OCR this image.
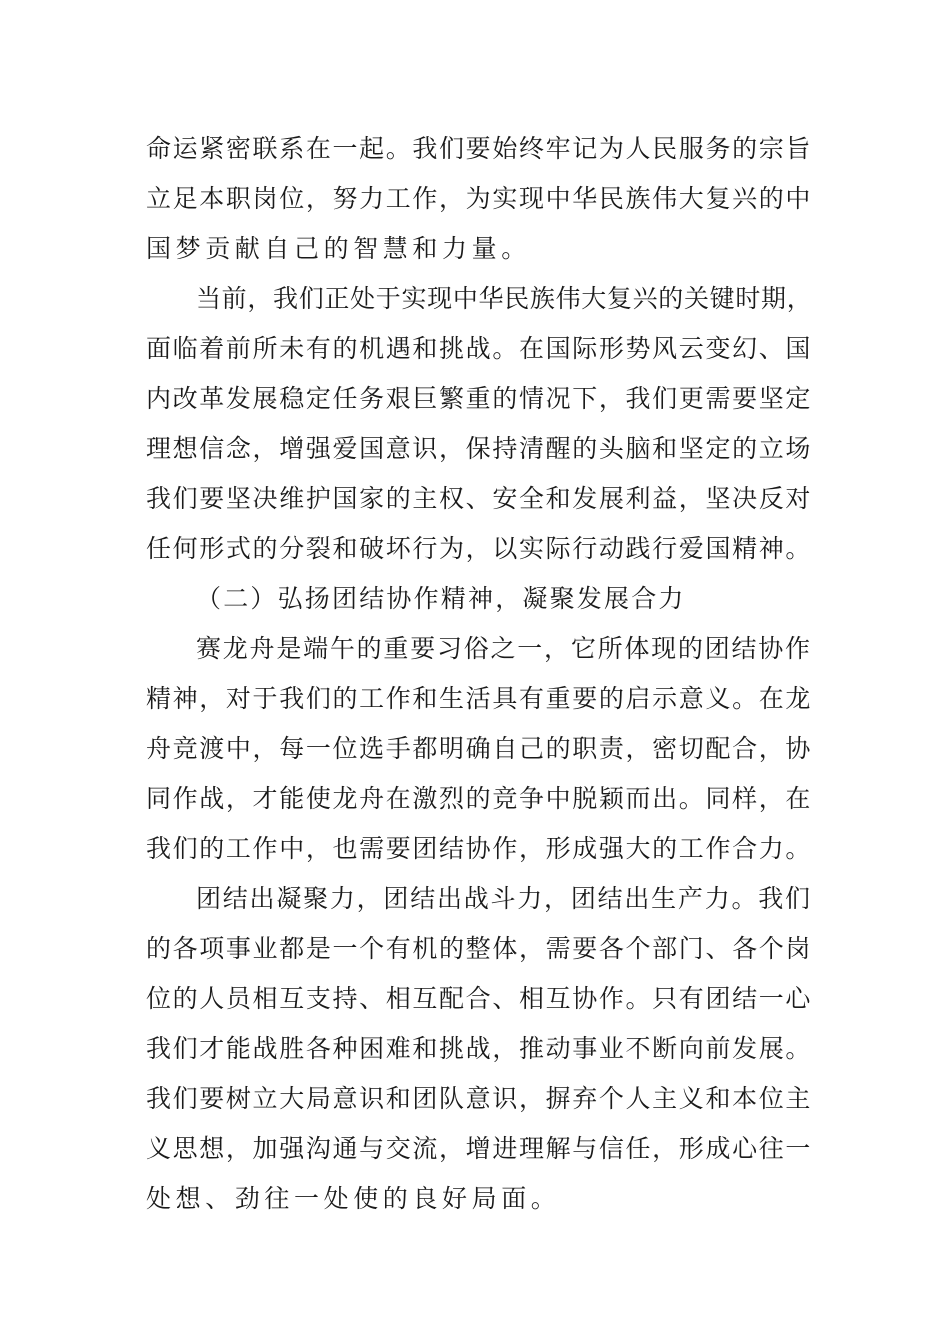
命运紧密联系在一起。我们要始终牢记为人民服务的宗旨
立足本职岗位，努力工作，为实现中华民族伟大复兴的中
国梦贡献自己的智慧和力量。
当前，我们正处于实现中华民族伟大复兴的关键时期，
面临着前所未有的机遇和挑战。在国际形势风云变幻、国
内改革发展稳定任务艰巨繁重的情况下，我们更需要坚定
理想信念，增强爱国意识，保持清醒的头脑和坚定的立场
我们要坚决维护国家的主权、安全和发展利益，坚决反对
任何形式的分裂和破坏行为，以实际行动践行爱国精神。
（二）弘扬团结协作精神，凝聚发展合力
赛龙舟是端午的重要习俗之一，它所体现的团结协作
精神，对于我们的工作和生活具有重要的启示意义。在龙
舟竞渡中，每一位选手都明确自己的职责，密切配合，协
同作战，才能使龙舟在激烈的竞争中脱颖而出。同样，在
我们的工作中，也需要团结协作，形成强大的工作合力。
团结出凝聚力，团结出战斗力，团结出生产力。我们
的各项事业都是一个有机的整体，需要各个部门、各个岗
位的人员相互支持、相互配合、相互协作。只有团结一心
我们才能战胜各种困难和挑战，推动事业不断向前发展。
我们要树立大局意识和团队意识，摒弃个人主义和本位主
义思想，加强沟通与交流，增进理解与信任，形成心往一
处想、劲往一处使的良好局面。
